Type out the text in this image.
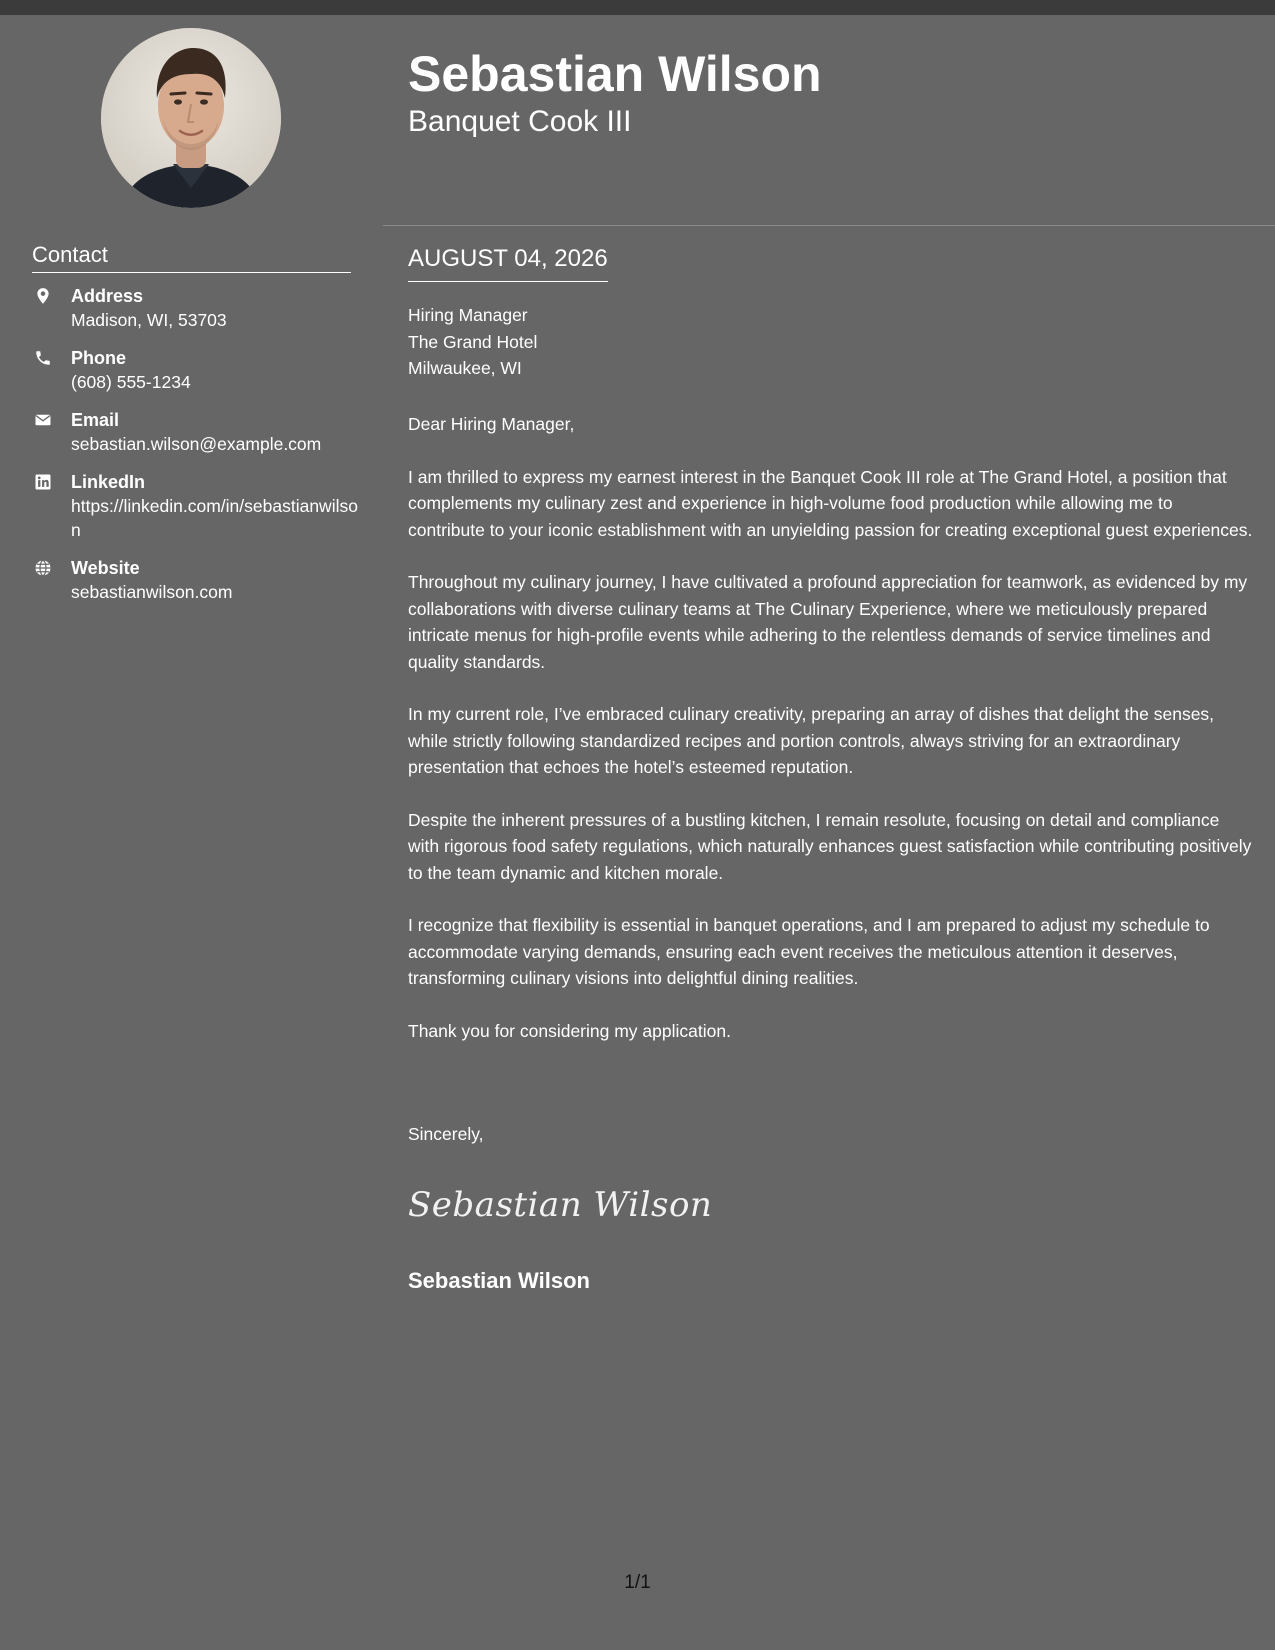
Contact
Address
Madison, WI, 53703
Phone
(608) 555-1234
Email
sebastian.wilson@example.com
LinkedIn
https://linkedin.com/in/sebastianwilson
Website
sebastianwilson.com
Sebastian Wilson
Banquet Cook III
AUGUST 04, 2026
Hiring Manager
The Grand Hotel
Milwaukee, WI

Dear Hiring Manager,

I am thrilled to express my earnest interest in the Banquet Cook III role at The Grand Hotel, a position that complements my culinary zest and experience in high-volume food production while allowing me to contribute to your iconic establishment with an unyielding passion for creating exceptional guest experiences.

Throughout my culinary journey, I have cultivated a profound appreciation for teamwork, as evidenced by my collaborations with diverse culinary teams at The Culinary Experience, where we meticulously prepared intricate menus for high-profile events while adhering to the relentless demands of service timelines and quality standards.

In my current role, I’ve embraced culinary creativity, preparing an array of dishes that delight the senses, while strictly following standardized recipes and portion controls, always striving for an extraordinary presentation that echoes the hotel’s esteemed reputation.

Despite the inherent pressures of a bustling kitchen, I remain resolute, focusing on detail and compliance with rigorous food safety regulations, which naturally enhances guest satisfaction while contributing positively to the team dynamic and kitchen morale.

I recognize that flexibility is essential in banquet operations, and I am prepared to adjust my schedule to accommodate varying demands, ensuring each event receives the meticulous attention it deserves, transforming culinary visions into delightful dining realities.

Thank you for considering my application.

Sincerely,
Sebastian Wilson
Sebastian Wilson
1/1
